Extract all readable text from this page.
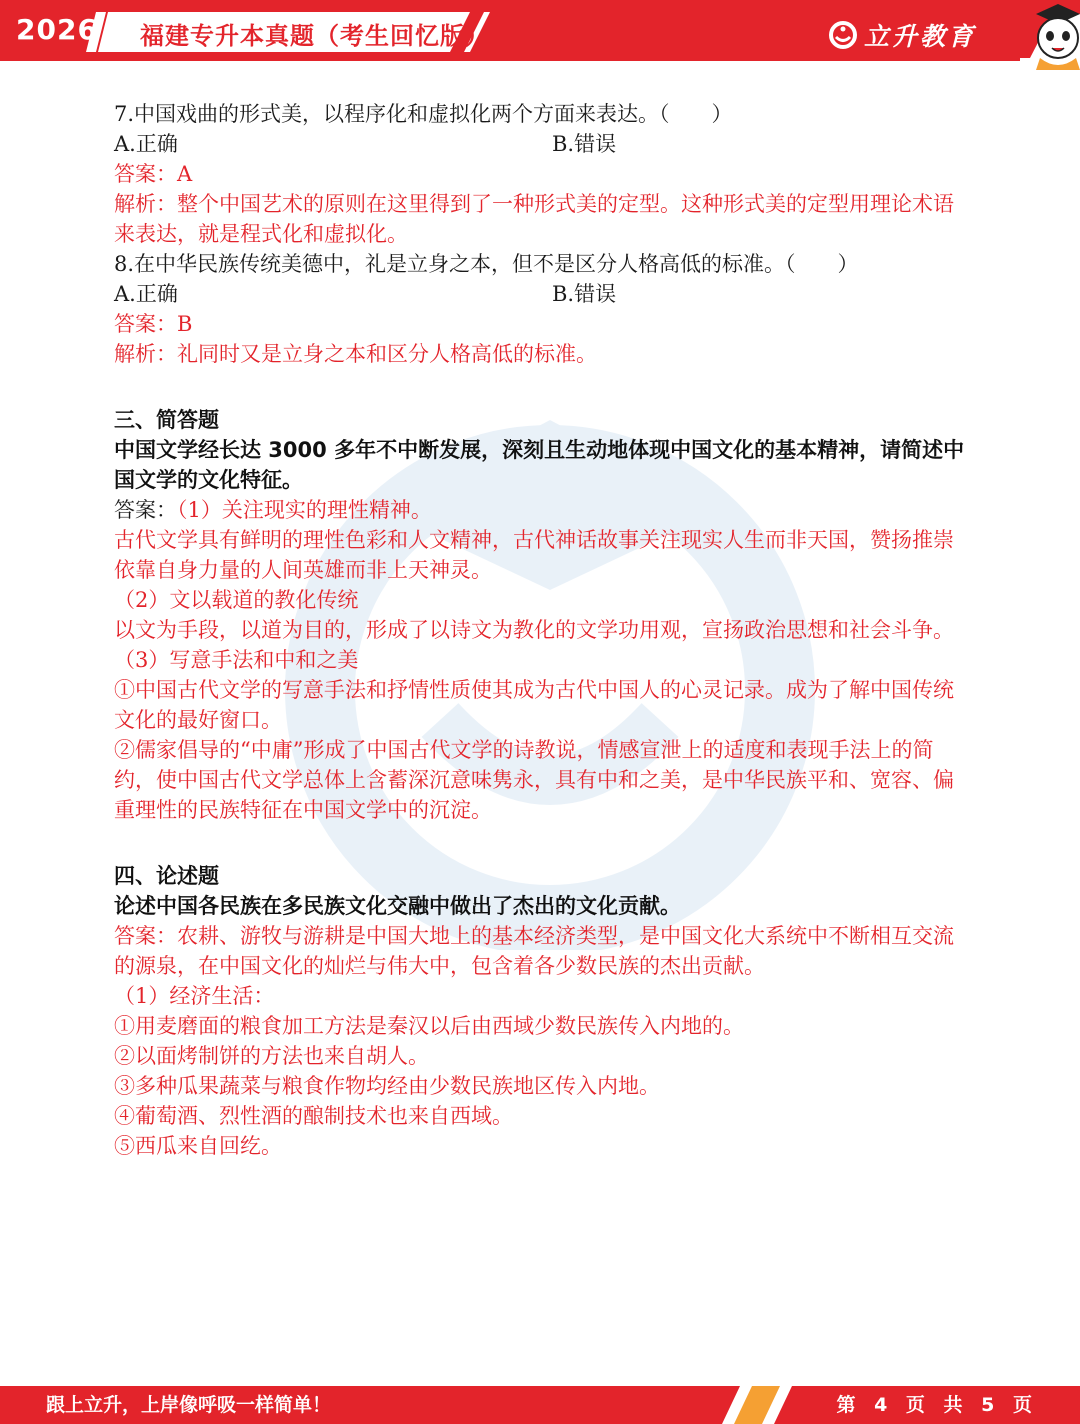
2026 福建专升本真题（考生回忆版）	立升教育

7.中国戏曲的形式美，以程序化和虚拟化两个方面来表达。（　　）

A.正确	B.错误

答案：A

解析：整个中国艺术的原则在这里得到了一种形式美的定型。这种形式美的定型用理论术语来表达，就是程式化和虚拟化。

8.在中华民族传统美德中，礼是立身之本，但不是区分人格高低的标准。（　　）

A.正确	B.错误

答案：B

解析：礼同时又是立身之本和区分人格高低的标准。

三、简答题

中国文学经长达 3000 多年不中断发展，深刻且生动地体现中国文化的基本精神，请简述中国文学的文化特征。

答案：（1）关注现实的理性精神。

古代文学具有鲜明的理性色彩和人文精神，古代神话故事关注现实人生而非天国，赞扬推崇依靠自身力量的人间英雄而非上天神灵。

（2）文以载道的教化传统

以文为手段，以道为目的，形成了以诗文为教化的文学功用观，宣扬政治思想和社会斗争。

（3）写意手法和中和之美

①中国古代文学的写意手法和抒情性质使其成为古代中国人的心灵记录。成为了解中国传统文化的最好窗口。

②儒家倡导的“中庸”形成了中国古代文学的诗教说，情感宣泄上的适度和表现手法上的简约，使中国古代文学总体上含蓄深沉意味隽永，具有中和之美，是中华民族平和、宽容、偏重理性的民族特征在中国文学中的沉淀。

四、论述题

论述中国各民族在多民族文化交融中做出了杰出的文化贡献。

答案：农耕、游牧与游耕是中国大地上的基本经济类型，是中国文化大系统中不断相互交流的源泉，在中国文化的灿烂与伟大中，包含着各少数民族的杰出贡献。

（1）经济生活：

①用麦磨面的粮食加工方法是秦汉以后由西域少数民族传入内地的。

②以面烤制饼的方法也来自胡人。

③多种瓜果蔬菜与粮食作物均经由少数民族地区传入内地。

④葡萄酒、烈性酒的酿制技术也来自西域。

⑤西瓜来自回纥。

跟上立升，上岸像呼吸一样简单！	第 4 页 共 5 页
